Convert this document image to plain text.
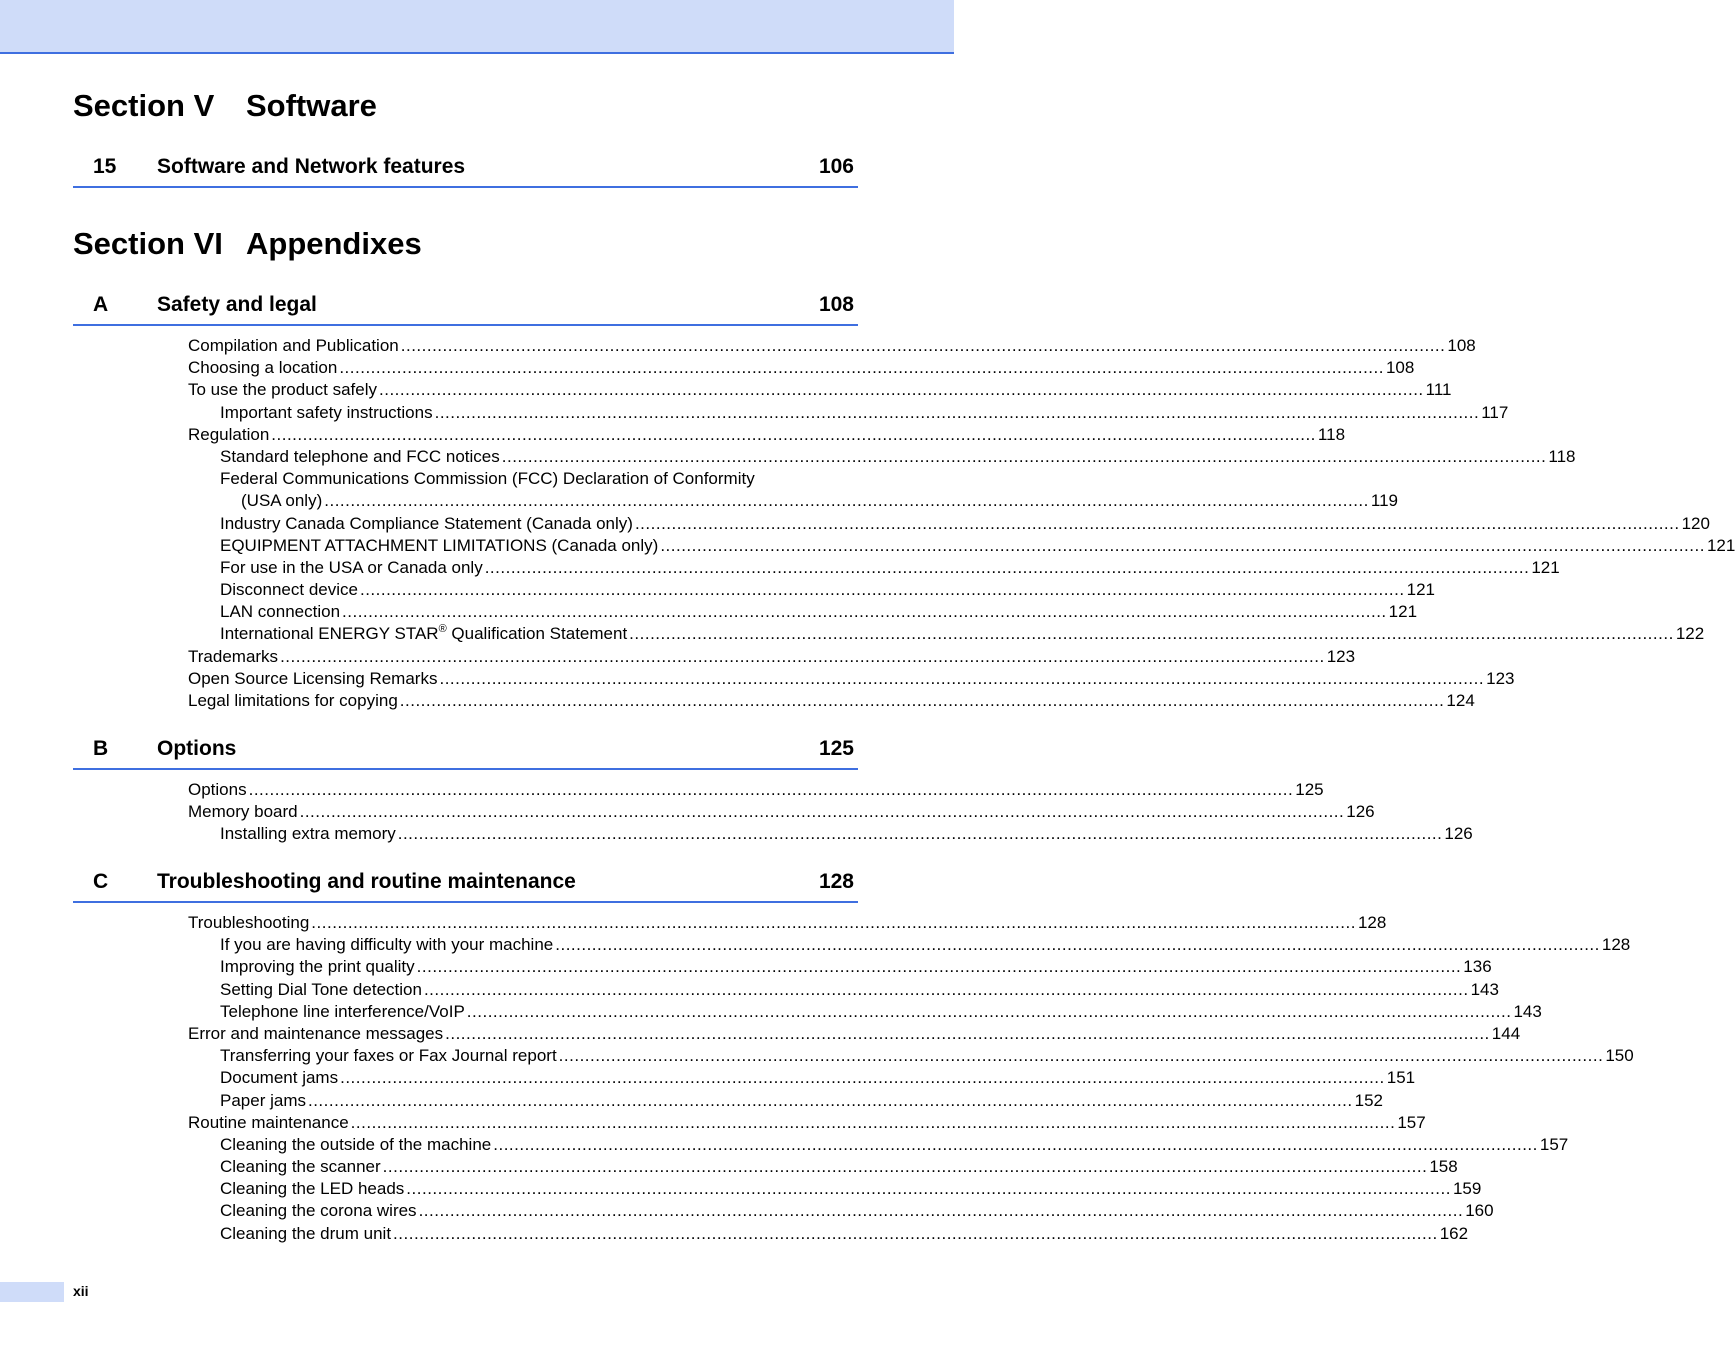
Section V Software
15 Software and Network features	106
Section VI Appendixes
A Safety and legal	108
Compilation and Publication ........................................................................................................................................................................................................ 108
Choosing a location ........................................................................................................................................................................................................ 108
To use the product safely ........................................................................................................................................................................................................ 111
Important safety instructions ........................................................................................................................................................................................................ 117
Regulation ........................................................................................................................................................................................................ 118
Standard telephone and FCC notices ........................................................................................................................................................................................................ 118
Federal Communications Commission (FCC) Declaration of Conformity
(USA only) ........................................................................................................................................................................................................ 119
Industry Canada Compliance Statement (Canada only) ........................................................................................................................................................................................................ 120
EQUIPMENT ATTACHMENT LIMITATIONS (Canada only) ........................................................................................................................................................................................................ 121
For use in the USA or Canada only ........................................................................................................................................................................................................ 121
Disconnect device ........................................................................................................................................................................................................ 121
LAN connection ........................................................................................................................................................................................................ 121
International ENERGY STAR® Qualification Statement ........................................................................................................................................................................................................ 122
Trademarks ........................................................................................................................................................................................................ 123
Open Source Licensing Remarks ........................................................................................................................................................................................................ 123
Legal limitations for copying ........................................................................................................................................................................................................ 124
B Options	125
Options ........................................................................................................................................................................................................ 125
Memory board ........................................................................................................................................................................................................ 126
Installing extra memory ........................................................................................................................................................................................................ 126
C Troubleshooting and routine maintenance	128
Troubleshooting ........................................................................................................................................................................................................ 128
If you are having difficulty with your machine ........................................................................................................................................................................................................ 128
Improving the print quality ........................................................................................................................................................................................................ 136
Setting Dial Tone detection ........................................................................................................................................................................................................ 143
Telephone line interference/VoIP ........................................................................................................................................................................................................ 143
Error and maintenance messages ........................................................................................................................................................................................................ 144
Transferring your faxes or Fax Journal report ........................................................................................................................................................................................................ 150
Document jams ........................................................................................................................................................................................................ 151
Paper jams ........................................................................................................................................................................................................ 152
Routine maintenance ........................................................................................................................................................................................................ 157
Cleaning the outside of the machine ........................................................................................................................................................................................................ 157
Cleaning the scanner ........................................................................................................................................................................................................ 158
Cleaning the LED heads ........................................................................................................................................................................................................ 159
Cleaning the corona wires ........................................................................................................................................................................................................ 160
Cleaning the drum unit ........................................................................................................................................................................................................ 162
xii
